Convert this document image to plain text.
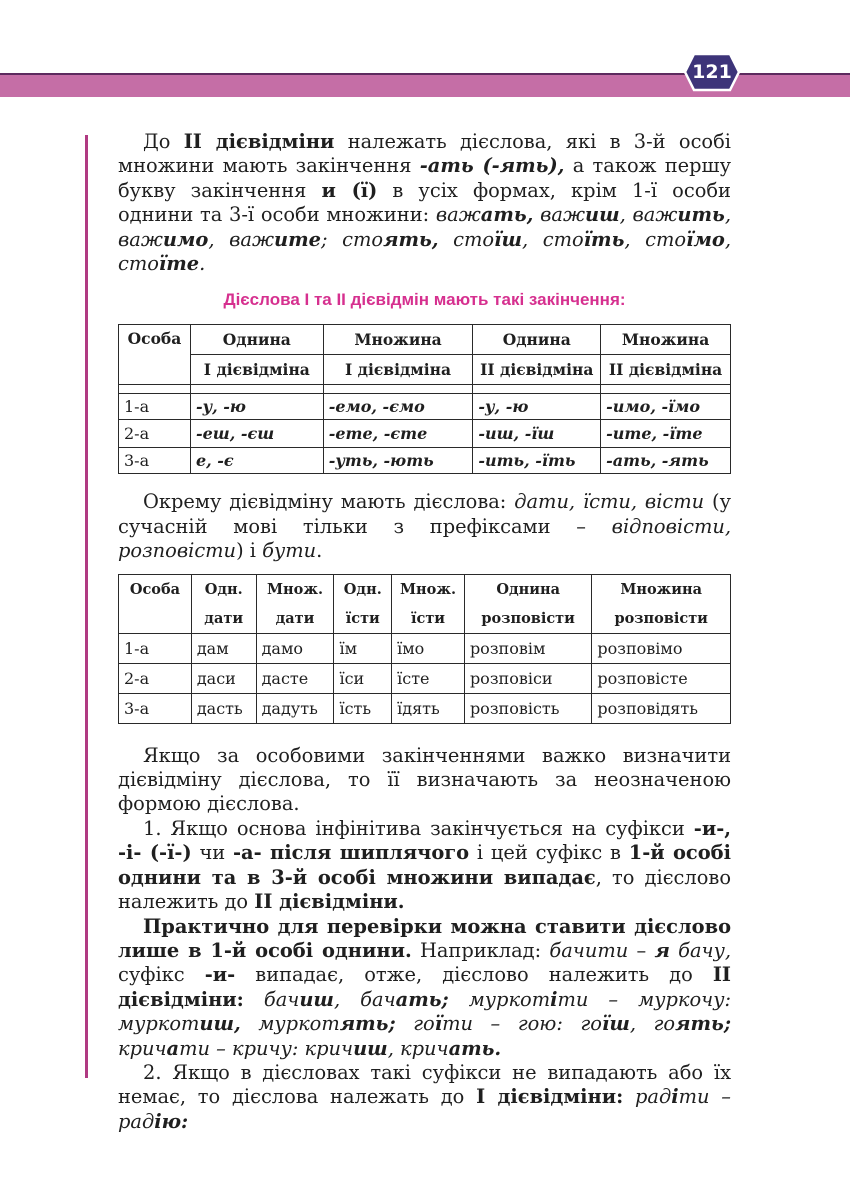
121

До II дієвідміни належать дієслова, які в 3-й особі множини мають закінчення -ать (-ять), а також першу букву закінчення и (ї) в усіх формах, крім 1-ї особи однини та 3-ї особи множини: важать, важиш, важить, важимо, важите; стоять, стоїш, стоїть, стоїмо, стоїте.

Дієслова І та ІІ дієвідмін мають такі закінчення:
Особа	Однина	Множина	Однина	Множина
	І дієвідміна	І дієвідміна	ІІ дієвідміна	ІІ дієвідміна

1-а	-у, -ю	-емо, -ємо	-у, -ю	-имо, -їмо
2-а	-еш, -єш	-ете, -єте	-иш, -їш	-ите, -їте
3-а	е, -є	-уть, -ють	-ить, -їть	-ать, -ять

Окрему дієвідміну мають дієслова: дати, їсти, вісти (у сучасній мові тільки з префіксами – відповісти, розповісти) і бути.

Особа	Одн.	Множ.	Одн.	Множ.	Однина	Множина
	дати	дати	їсти	їсти	розповісти	розповісти
1-а	дам	дамо	їм	їмо	розповім	розповімо
2-а	даси	дасте	їси	їсте	розповіси	розповісте
3-а	дасть	дадуть	їсть	їдять	розповість	розповідять

Якщо за особовими закінченнями важко визначити дієвідміну дієслова, то її визначають за неозначеною формою дієслова.

1. Якщо основа інфінітива закінчується на суфікси -и-, -і- (-ї-) чи -а- після шиплячого і цей суфікс в 1-й особі однини та в 3-й особі множини випадає, то дієслово належить до ІІ дієвідміни.

Практично для перевірки можна ставити дієслово лише в 1-й особі однини. Наприклад: бачити – я бачу, суфікс -и- випадає, отже, дієслово належить до ІІ дієвідміни: бачиш, бачать; муркотіти – муркочу: муркотиш, муркотять; гоїти – гою: гоїш, гоять; кричати – кричу: кричиш, кричать.

2. Якщо в дієсловах такі суфікси не випадають або їх немає, то дієслова належать до І дієвідміни: радіти – радію:
